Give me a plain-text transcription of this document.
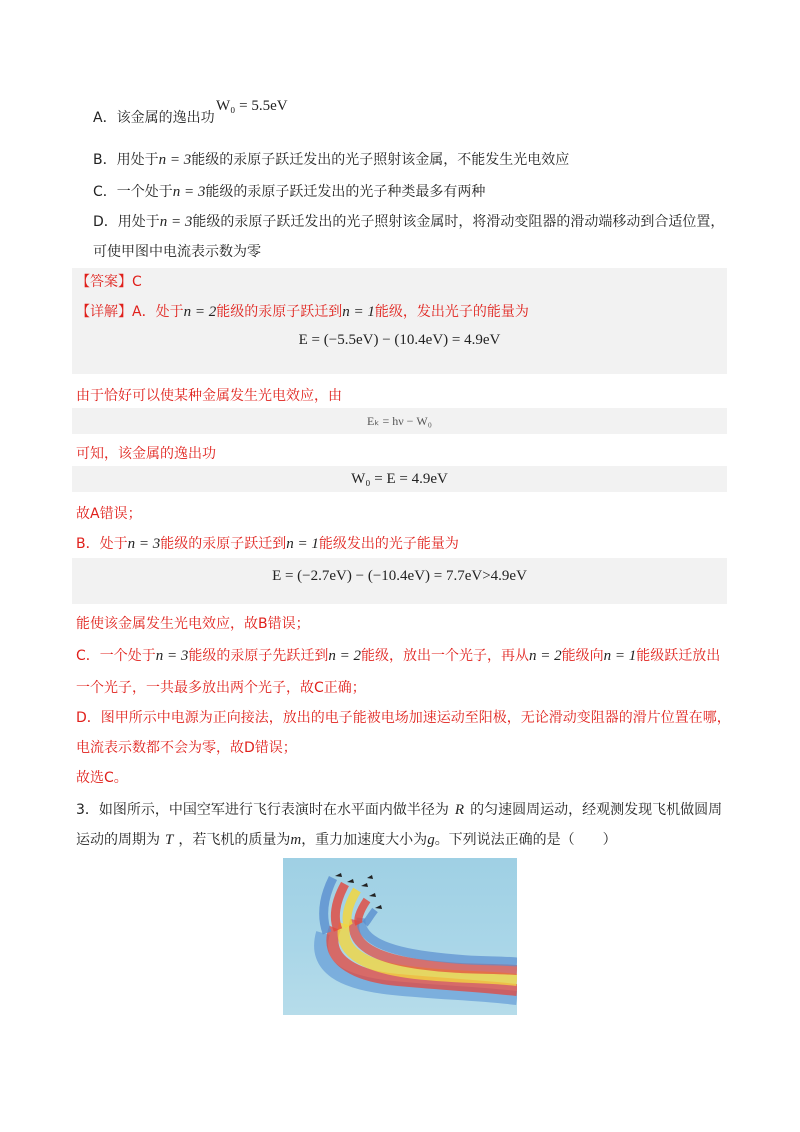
A．该金属的逸出功
W₀ = 5.5eV
B．用处于n = 3能级的汞原子跃迁发出的光子照射该金属，不能发生光电效应
C．一个处于n = 3能级的汞原子跃迁发出的光子种类最多有两种
D．用处于n = 3能级的汞原子跃迁发出的光子照射该金属时，将滑动变阻器的滑动端移动到合适位置，
可使甲图中电流表示数为零
【答案】C
【详解】A．处于n = 2能级的汞原子跃迁到n = 1能级，发出光子的能量为
E = (−5.5eV) − (10.4eV) = 4.9eV
由于恰好可以使某种金属发生光电效应，由
Eₖ = hν − W₀
可知，该金属的逸出功
W₀ = E = 4.9eV
故A错误；
B．处于n = 3能级的汞原子跃迁到n = 1能级发出的光子能量为
E = (−2.7eV) − (−10.4eV) = 7.7eV>4.9eV
能使该金属发生光电效应，故B错误；
C．一个处于n = 3能级的汞原子先跃迁到n = 2能级，放出一个光子，再从n = 2能级向n = 1能级跃迁放出
一个光子，一共最多放出两个光子，故C正确；
D．图甲所示中电源为正向接法，放出的电子能被电场加速运动至阳极，无论滑动变阻器的滑片位置在哪，
电流表示数都不会为零，故D错误；
故选C。
3．如图所示，中国空军进行飞行表演时在水平面内做半径为 R 的匀速圆周运动，经观测发现飞机做圆周
运动的周期为 T ，若飞机的质量为m，重力加速度大小为g。下列说法正确的是（　　）
